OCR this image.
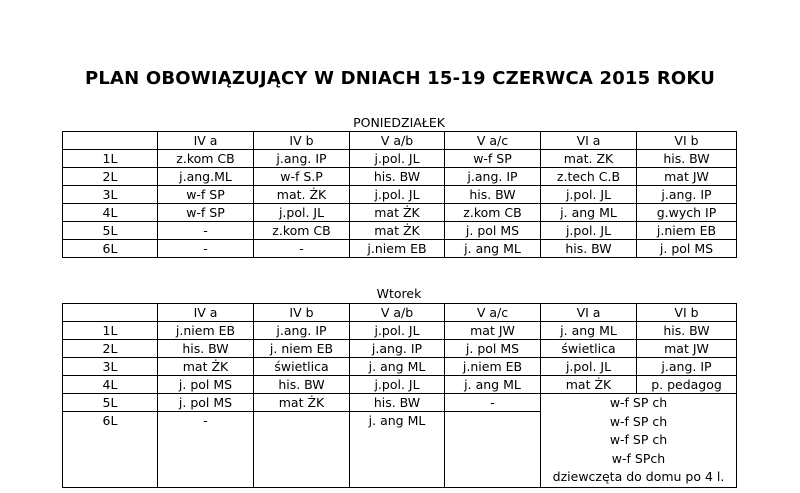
PLAN OBOWIĄZUJĄCY W DNIACH 15-19 CZERWCA 2015 ROKU
PONIEDZIAŁEK
	IV a	IV b	V a/b	V a/c	VI a	VI b
1L	z.kom CB	j.ang. IP	j.pol. JL	w-f SP	mat. ZK	his. BW
2L	j.ang.ML	w-f S.P	his. BW	j.ang. IP	z.tech C.B	mat JW
3L	w-f SP	mat. ŻK	j.pol. JL	his. BW	j.pol. JL	j.ang. IP
4L	w-f SP	j.pol. JL	mat ŻK	z.kom CB	j. ang ML	g.wych IP
5L	-	z.kom CB	mat ŻK	j. pol MS	j.pol. JL	j.niem EB
6L	-	-	j.niem EB	j. ang ML	his. BW	j. pol MS
Wtorek
	IV a	IV b	V a/b	V a/c	VI a	VI b
1L	j.niem EB	j.ang. IP	j.pol. JL	mat JW	j. ang ML	his. BW
2L	his. BW	j. niem EB	j.ang. IP	j. pol MS	świetlica	mat JW
3L	mat ŻK	świetlica	j. ang ML	j.niem EB	j.pol. JL	j.ang. IP
4L	j. pol MS	his. BW	j.pol. JL	j. ang ML	mat ŻK	p. pedagog
5L	j. pol MS	mat ŻK	his. BW	-	w-f SP ch
w-f SP ch
w-f SP ch
w-f SPch
dziewczęta do domu po 4 l.	

6L	-		j. ang ML			
